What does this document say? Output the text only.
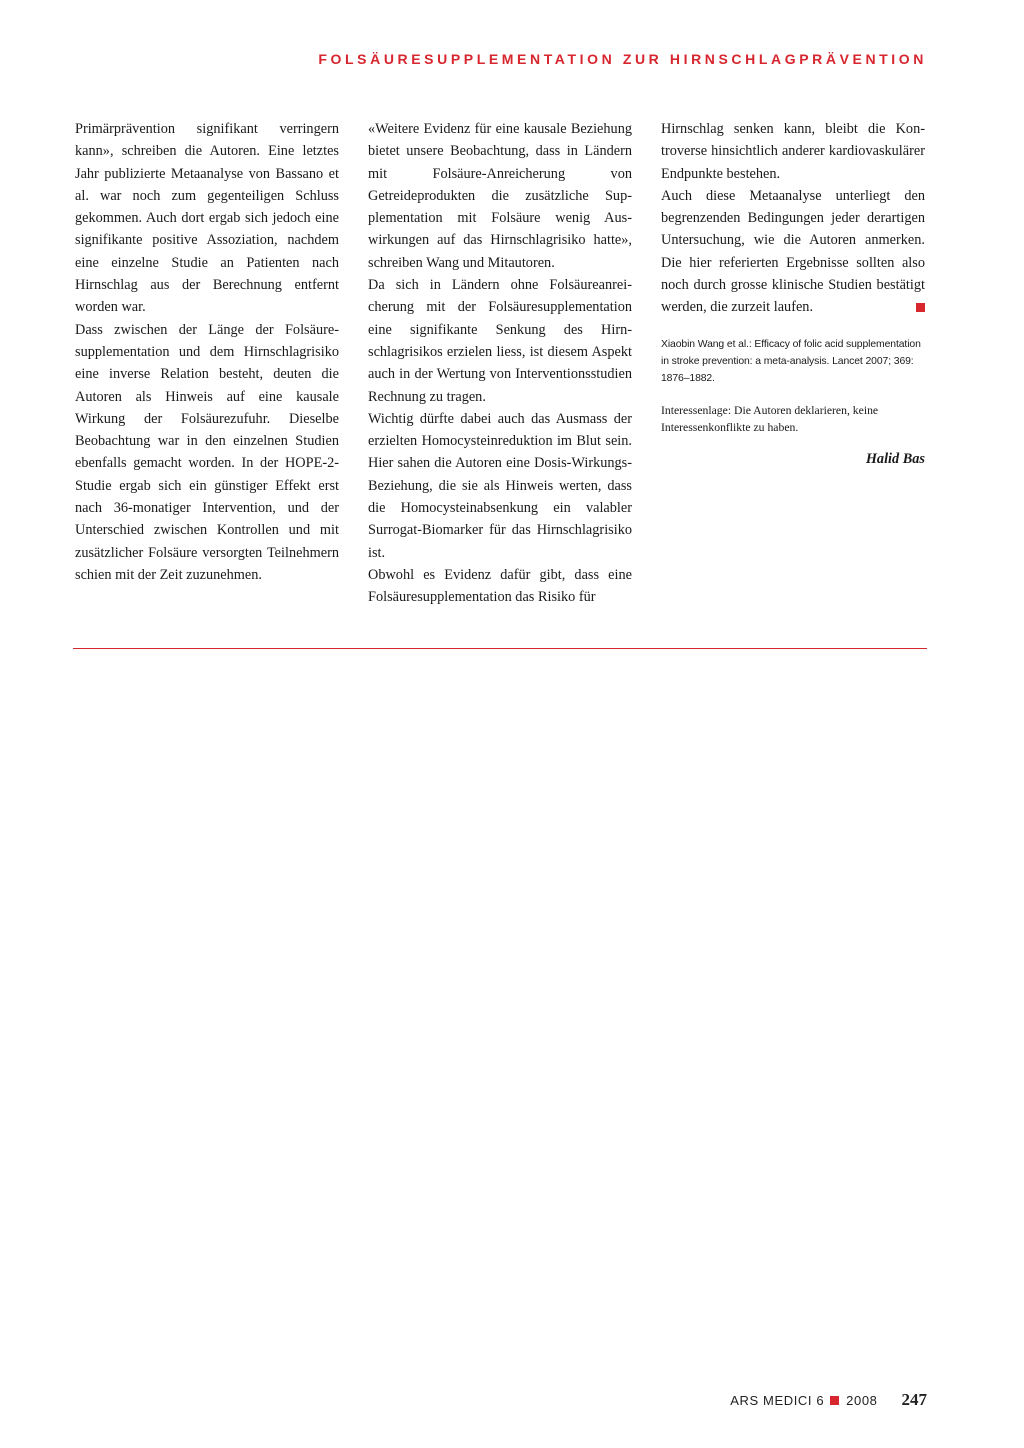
FOLSÄURESUPPLEMENTATION ZUR HIRNSCHLAGPRÄVENTION

Primärprävention signifikant verringern kann», schreiben die Autoren. Eine letztes Jahr publizierte Metaanalyse von Bassano et al. war noch zum gegenteiligen Schluss gekommen. Auch dort ergab sich jedoch eine signifikante positive Assoziation, nachdem eine einzelne Studie an Patienten nach Hirnschlag aus der Berechnung entfernt worden war.

Dass zwischen der Länge der Folsäuresupplementation und dem Hirnschlagrisiko eine inverse Relation besteht, deuten die Autoren als Hinweis auf eine kausale Wirkung der Folsäurezufuhr. Dieselbe Beobachtung war in den einzelnen Studien ebenfalls gemacht worden. In der HOPE-2-Studie ergab sich ein günstiger Effekt erst nach 36-monatiger Intervention, und der Unterschied zwischen Kontrollen und mit zusätzlicher Folsäure versorgten Teilnehmern schien mit der Zeit zuzunehmen.

«Weitere Evidenz für eine kausale Beziehung bietet unsere Beobachtung, dass in Ländern mit Folsäure-Anreicherung von Getreideprodukten die zusätzliche Supplementation mit Folsäure wenig Auswirkungen auf das Hirnschlagrisiko hatte», schreiben Wang und Mitautoren.

Da sich in Ländern ohne Folsäureanreicherung mit der Folsäuresupplementation eine signifikante Senkung des Hirnschlagrisikos erzielen liess, ist diesem Aspekt auch in der Wertung von Interventionsstudien Rechnung zu tragen.

Wichtig dürfte dabei auch das Ausmass der erzielten Homocysteinreduktion im Blut sein. Hier sahen die Autoren eine Dosis-Wirkungs-Beziehung, die sie als Hinweis werten, dass die Homocysteinabsenkung ein valabler Surrogat-Biomarker für das Hirnschlagrisiko ist.

Obwohl es Evidenz dafür gibt, dass eine Folsäuresupplementation das Risiko für

Hirnschlag senken kann, bleibt die Kontroverse hinsichtlich anderer kardiovaskulärer Endpunkte bestehen.

Auch diese Metaanalyse unterliegt den begrenzenden Bedingungen jeder derartigen Untersuchung, wie die Autoren anmerken. Die hier referierten Ergebnisse sollten also noch durch grosse klinische Studien bestätigt werden, die zurzeit laufen.

Xiaobin Wang et al.: Efficacy of folic acid supplementation in stroke prevention: a meta-analysis. Lancet 2007; 369: 1876–1882.

Interessenlage: Die Autoren deklarieren, keine Interessenkonflikte zu haben.

Halid Bas

ARS MEDICI 6 2008 247
